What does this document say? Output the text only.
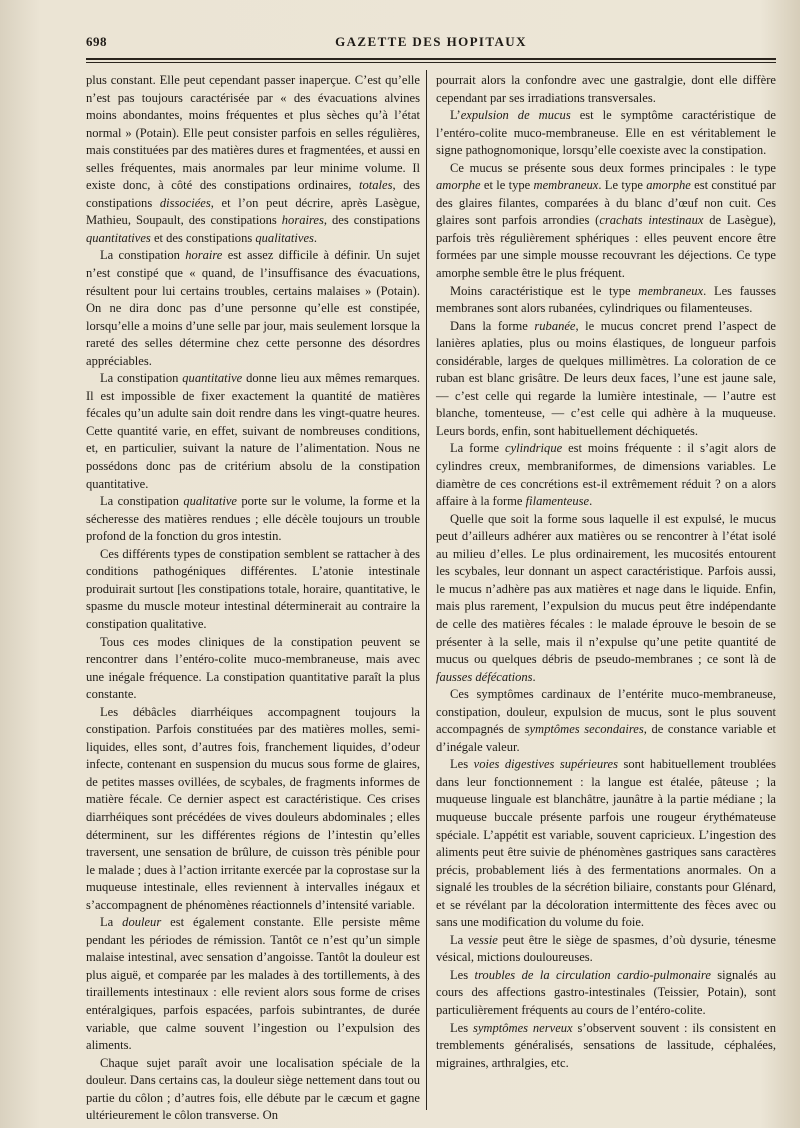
698	GAZETTE DES HOPITAUX

plus constant. Elle peut cependant passer inaperçue. C’est qu’elle n’est pas toujours caractérisée par « des évacuations alvines moins abondantes, moins fréquentes et plus sèches qu’à l’état normal » (Potain). Elle peut consister parfois en selles régulières, mais constituées par des matières dures et fragmentées, et aussi en selles fréquentes, mais anormales par leur minime volume. Il existe donc, à côté des constipations ordinaires, totales, des constipations dissociées, et l’on peut décrire, après Lasègue, Mathieu, Soupault, des constipations horaires, des constipations quantitatives et des constipations qualitatives.

La constipation horaire est assez difficile à définir. Un sujet n’est constipé que « quand, de l’insuffisance des évacuations, résultent pour lui certains troubles, certains malaises » (Potain). On ne dira donc pas d’une personne qu’elle est constipée, lorsqu’elle a moins d’une selle par jour, mais seulement lorsque la rareté des selles détermine chez cette personne des désordres appréciables.

La constipation quantitative donne lieu aux mêmes remarques. Il est impossible de fixer exactement la quantité de matières fécales qu’un adulte sain doit rendre dans les vingt-quatre heures. Cette quantité varie, en effet, suivant de nombreuses conditions, et, en particulier, suivant la nature de l’alimentation. Nous ne possédons donc pas de critérium absolu de la constipation quantitative.

La constipation qualitative porte sur le volume, la forme et la sécheresse des matières rendues ; elle décèle toujours un trouble profond de la fonction du gros intestin.

Ces différents types de constipation semblent se rattacher à des conditions pathogéniques différentes. L’atonie intestinale produirait surtout [les constipations totale, horaire, quantitative, le spasme du muscle moteur intestinal déterminerait au contraire la constipation qualitative.

Tous ces modes cliniques de la constipation peuvent se rencontrer dans l’entéro-colite muco-membraneuse, mais avec une inégale fréquence. La constipation quantitative paraît la plus constante.

Les débâcles diarrhéiques accompagnent toujours la constipation. Parfois constituées par des matières molles, semi-liquides, elles sont, d’autres fois, franchement liquides, d’odeur infecte, contenant en suspension du mucus sous forme de glaires, de petites masses ovillées, de scybales, de fragments informes de matière fécale. Ce dernier aspect est caractéristique. Ces crises diarrhéiques sont précédées de vives douleurs abdominales ; elles déterminent, sur les différentes régions de l’intestin qu’elles traversent, une sensation de brûlure, de cuisson très pénible pour le malade ; dues à l’action irritante exercée par la coprostase sur la muqueuse intestinale, elles reviennent à intervalles inégaux et s’accompagnent de phénomènes réactionnels d’intensité variable.

La douleur est également constante. Elle persiste même pendant les périodes de rémission. Tantôt ce n’est qu’un simple malaise intestinal, avec sensation d’angoisse. Tantôt la douleur est plus aiguë, et comparée par les malades à des tortillements, à des tiraillements intestinaux : elle revient alors sous forme de crises entéralgiques, parfois espacées, parfois subintrantes, de durée variable, que calme souvent l’ingestion ou l’expulsion des aliments.

Chaque sujet paraît avoir une localisation spéciale de la douleur. Dans certains cas, la douleur siège nettement dans tout ou partie du côlon ; d’autres fois, elle débute par le cæcum et gagne ultérieurement le côlon transverse. On

pourrait alors la confondre avec une gastralgie, dont elle diffère cependant par ses irradiations transversales.

L’expulsion de mucus est le symptôme caractéristique de l’entéro-colite muco-membraneuse. Elle en est véritablement le signe pathognomonique, lorsqu’elle coexiste avec la constipation.

Ce mucus se présente sous deux formes principales : le type amorphe et le type membraneux. Le type amorphe est constitué par des glaires filantes, comparées à du blanc d’œuf non cuit. Ces glaires sont parfois arrondies (crachats intestinaux de Lasègue), parfois très régulièrement sphériques : elles peuvent encore être formées par une simple mousse recouvrant les déjections. Ce type amorphe semble être le plus fréquent.

Moins caractéristique est le type membraneux. Les fausses membranes sont alors rubanées, cylindriques ou filamenteuses.

Dans la forme rubanée, le mucus concret prend l’aspect de lanières aplaties, plus ou moins élastiques, de longueur parfois considérable, larges de quelques millimètres. La coloration de ce ruban est blanc grisâtre. De leurs deux faces, l’une est jaune sale, — c’est celle qui regarde la lumière intestinale, — l’autre est blanche, tomenteuse, — c’est celle qui adhère à la muqueuse. Leurs bords, enfin, sont habituellement déchiquetés.

La forme cylindrique est moins fréquente : il s’agit alors de cylindres creux, membraniformes, de dimensions variables. Le diamètre de ces concrétions est-il extrêmement réduit ? on a alors affaire à la forme filamenteuse.

Quelle que soit la forme sous laquelle il est expulsé, le mucus peut d’ailleurs adhérer aux matières ou se rencontrer à l’état isolé au milieu d’elles. Le plus ordinairement, les mucosités entourent les scybales, leur donnant un aspect caractéristique. Parfois aussi, le mucus n’adhère pas aux matières et nage dans le liquide. Enfin, mais plus rarement, l’expulsion du mucus peut être indépendante de celle des matières fécales : le malade éprouve le besoin de se présenter à la selle, mais il n’expulse qu’une petite quantité de mucus ou quelques débris de pseudo-membranes ; ce sont là de fausses défécations.

Ces symptômes cardinaux de l’entérite muco-membraneuse, constipation, douleur, expulsion de mucus, sont le plus souvent accompagnés de symptômes secondaires, de constance variable et d’inégale valeur.

Les voies digestives supérieures sont habituellement troublées dans leur fonctionnement : la langue est étalée, pâteuse ; la muqueuse linguale est blanchâtre, jaunâtre à la partie médiane ; la muqueuse buccale présente parfois une rougeur érythémateuse spéciale. L’appétit est variable, souvent capricieux. L’ingestion des aliments peut être suivie de phénomènes gastriques sans caractères précis, probablement liés à des fermentations anormales. On a signalé les troubles de la sécrétion biliaire, constants pour Glénard, et se révélant par la décoloration intermittente des fèces avec ou sans une modification du volume du foie.

La vessie peut être le siège de spasmes, d’où dysurie, ténesme vésical, mictions douloureuses.

Les troubles de la circulation cardio-pulmonaire signalés au cours des affections gastro-intestinales (Teissier, Potain), sont particulièrement fréquents au cours de l’entéro-colite.

Les symptômes nerveux s’observent souvent : ils consistent en tremblements généralisés, sensations de lassitude, céphalées, migraines, arthralgies, etc.
